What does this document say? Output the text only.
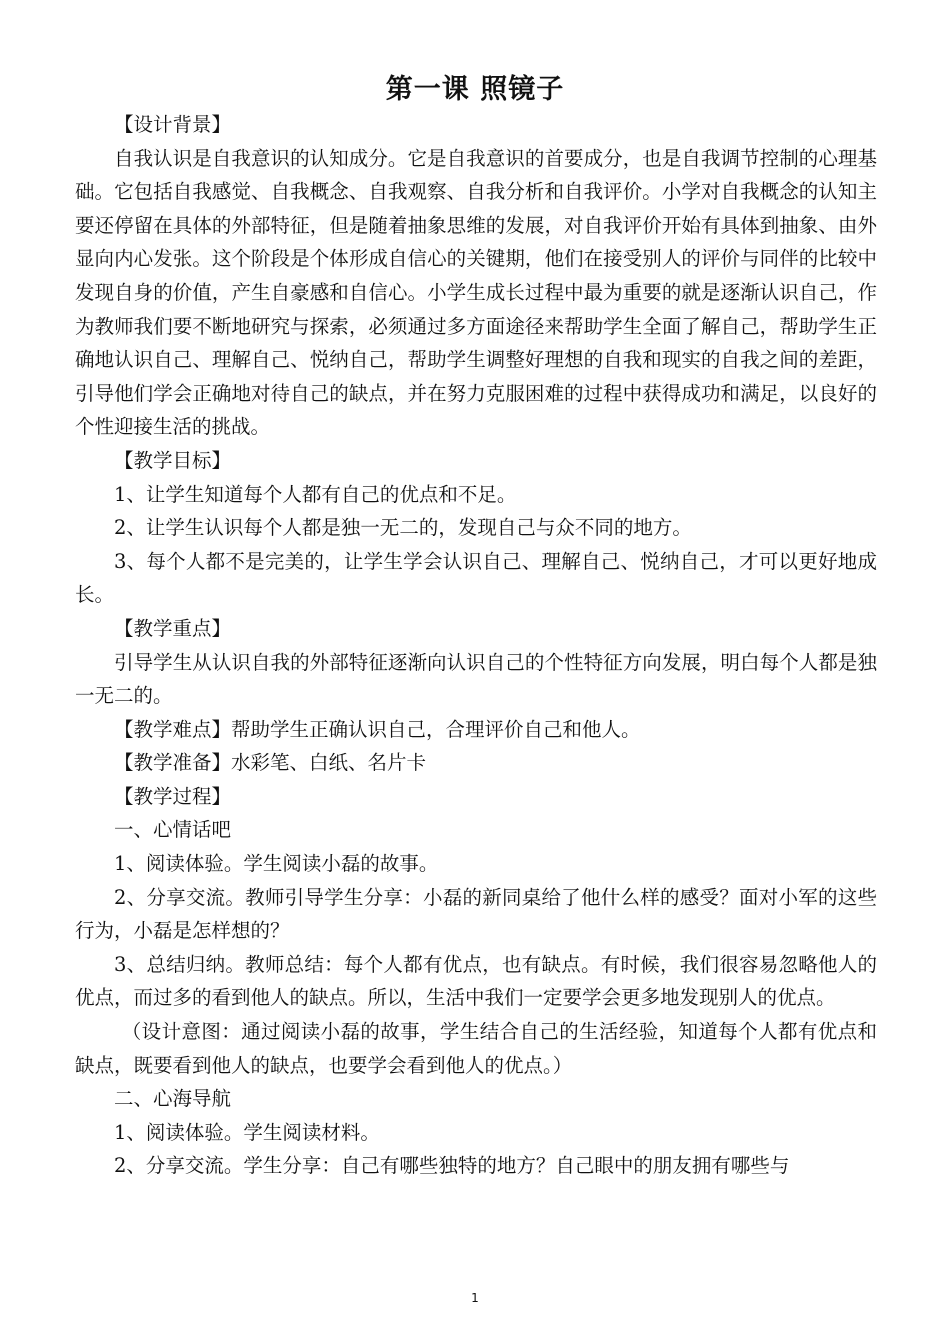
第一课 照镜子

【设计背景】

自我认识是自我意识的认知成分。它是自我意识的首要成分，也是自我调节控制的心理基础。它包括自我感觉、自我概念、自我观察、自我分析和自我评价。小学对自我概念的认知主要还停留在具体的外部特征，但是随着抽象思维的发展，对自我评价开始有具体到抽象、由外显向内心发张。这个阶段是个体形成自信心的关键期，他们在接受别人的评价与同伴的比较中发现自身的价值，产生自豪感和自信心。小学生成长过程中最为重要的就是逐渐认识自己，作为教师我们要不断地研究与探索，必须通过多方面途径来帮助学生全面了解自己，帮助学生正确地认识自己、理解自己、悦纳自己，帮助学生调整好理想的自我和现实的自我之间的差距，引导他们学会正确地对待自己的缺点，并在努力克服困难的过程中获得成功和满足，以良好的个性迎接生活的挑战。

【教学目标】

1、让学生知道每个人都有自己的优点和不足。

2、让学生认识每个人都是独一无二的，发现自己与众不同的地方。

3、每个人都不是完美的，让学生学会认识自己、理解自己、悦纳自己，才可以更好地成长。

【教学重点】

引导学生从认识自我的外部特征逐渐向认识自己的个性特征方向发展，明白每个人都是独一无二的。

【教学难点】帮助学生正确认识自己，合理评价自己和他人。

【教学准备】水彩笔、白纸、名片卡

【教学过程】

一、心情话吧

1、阅读体验。学生阅读小磊的故事。

2、分享交流。教师引导学生分享：小磊的新同桌给了他什么样的感受？面对小军的这些行为，小磊是怎样想的？

3、总结归纳。教师总结：每个人都有优点，也有缺点。有时候，我们很容易忽略他人的优点，而过多的看到他人的缺点。所以，生活中我们一定要学会更多地发现别人的优点。

（设计意图：通过阅读小磊的故事，学生结合自己的生活经验，知道每个人都有优点和缺点，既要看到他人的缺点，也要学会看到他人的优点。）

二、心海导航

1、阅读体验。学生阅读材料。

2、分享交流。学生分享：自己有哪些独特的地方？自己眼中的朋友拥有哪些与

1
